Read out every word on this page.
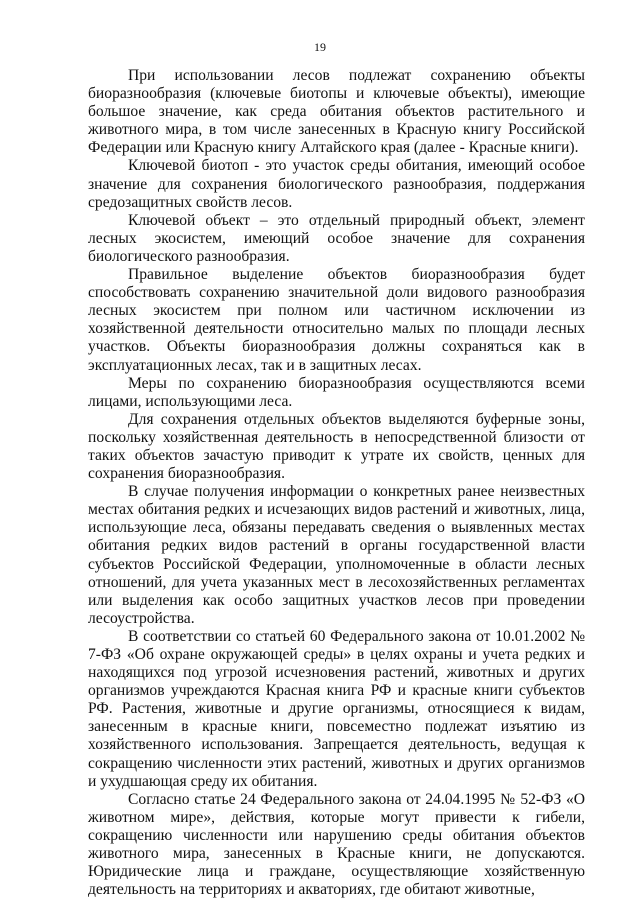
19

При использовании лесов подлежат сохранению объекты биоразнообразия (ключевые биотопы и ключевые объекты), имеющие большое значение, как среда обитания объектов растительного и животного мира, в том числе занесенных в Красную книгу Российской Федерации или Красную книгу Алтайского края (далее - Красные книги).

Ключевой биотоп - это участок среды обитания, имеющий особое значение для сохранения биологического разнообразия, поддержания средозащитных свойств лесов.

Ключевой объект – это отдельный природный объект, элемент лесных экосистем, имеющий особое значение для сохранения биологического разнообразия.

Правильное выделение объектов биоразнообразия будет способствовать сохранению значительной доли видового разнообразия лесных экосистем при полном или частичном исключении из хозяйственной деятельности относительно малых по площади лесных участков. Объекты биоразнообразия должны сохраняться как в эксплуатационных лесах, так и в защитных лесах.

Меры по сохранению биоразнообразия осуществляются всеми лицами, использующими леса.

Для сохранения отдельных объектов выделяются буферные зоны, поскольку хозяйственная деятельность в непосредственной близости от таких объектов зачастую приводит к утрате их свойств, ценных для сохранения биоразнообразия.

В случае получения информации о конкретных ранее неизвестных местах обитания редких и исчезающих видов растений и животных, лица, использующие леса, обязаны передавать сведения о выявленных местах обитания редких видов растений в органы государственной власти субъектов Российской Федерации, уполномоченные в области лесных отношений, для учета указанных мест в лесохозяйственных регламентах или выделения как особо защитных участков лесов при проведении лесоустройства.

В соответствии со статьей 60 Федерального закона от 10.01.2002 № 7-ФЗ «Об охране окружающей среды» в целях охраны и учета редких и находящихся под угрозой исчезновения растений, животных и других организмов учреждаются Красная книга РФ и красные книги субъектов РФ. Растения, животные и другие организмы, относящиеся к видам, занесенным в красные книги, повсеместно подлежат изъятию из хозяйственного использования. Запрещается деятельность, ведущая к сокращению численности этих растений, животных и других организмов и ухудшающая среду их обитания.

Согласно статье 24 Федерального закона от 24.04.1995 № 52-ФЗ «О животном мире», действия, которые могут привести к гибели, сокращению численности или нарушению среды обитания объектов животного мира, занесенных в Красные книги, не допускаются. Юридические лица и граждане, осуществляющие хозяйственную деятельность на территориях и акваториях, где обитают животные,
